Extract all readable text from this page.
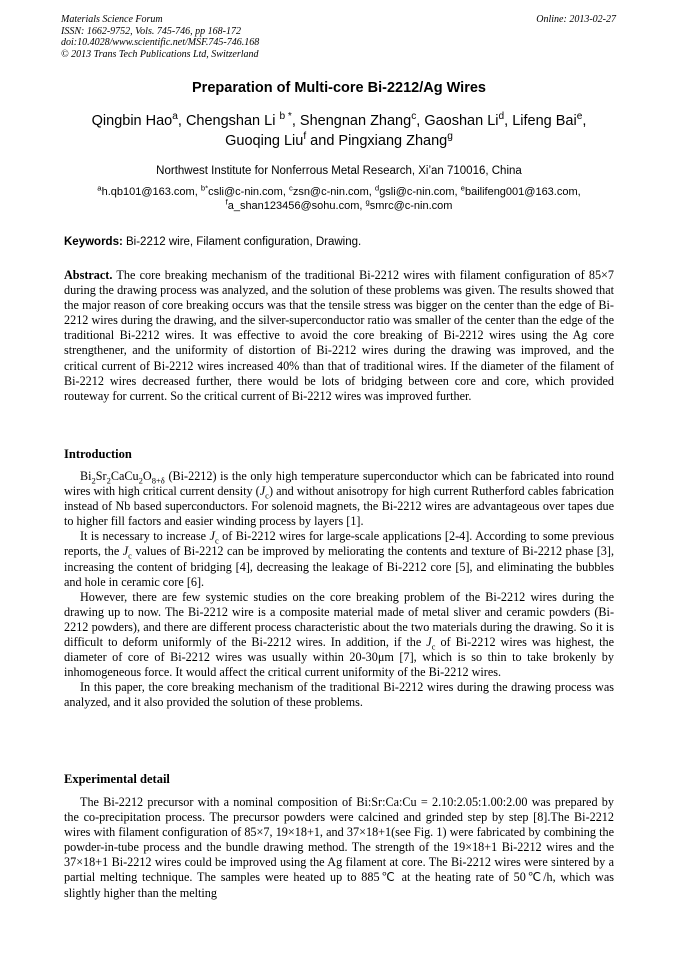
Materials Science Forum
ISSN: 1662-9752, Vols. 745-746, pp 168-172
doi:10.4028/www.scientific.net/MSF.745-746.168
© 2013 Trans Tech Publications Ltd, Switzerland
Online: 2013-02-27
Preparation of Multi-core Bi-2212/Ag Wires
Qingbin Hao$^a$, Chengshan Li $^{b *}$, Shengnan Zhang$^c$, Gaoshan Li$^d$, Lifeng Bai$^e$,
Guoqing Liu$^f$ and Pingxiang Zhang$^g$
Northwest Institute for Nonferrous Metal Research, Xi’an 710016, China
$^a$h.qb101@163.com, $^{b*}$csli@c-nin.com, $^c$zsn@c-nin.com, $^d$gsli@c-nin.com, $^e$bailifeng001@163.com,
$^f$a_shan123456@sohu.com, $^g$smrc@c-nin.com
Keywords: Bi-2212 wire, Filament configuration, Drawing.

Abstract. The core breaking mechanism of the traditional Bi-2212 wires with filament configuration of 85×7 during the drawing process was analyzed, and the solution of these problems was given. The results showed that the major reason of core breaking occurs was that the tensile stress was bigger on the center than the edge of Bi-2212 wires during the drawing, and the silver-superconductor ratio was smaller of the center than the edge of the traditional Bi-2212 wires. It was effective to avoid the core breaking of Bi-2212 wires using the Ag core strengthener, and the uniformity of distortion of Bi-2212 wires during the drawing was improved, and the critical current of Bi-2212 wires increased 40% than that of traditional wires. If the diameter of the filament of Bi-2212 wires decreased further, there would be lots of bridging between core and core, which provided routeway for current. So the critical current of Bi-2212 wires was improved further.

Introduction

$Bi_2Sr_2CaCu_2O_{8+\delta}$ (Bi-2212) is the only high temperature superconductor which can be fabricated into round wires with high critical current density $(J_c)$ and without anisotropy for high current Rutherford cables fabrication instead of Nb based superconductors. For solenoid magnets, the Bi-2212 wires are advantageous over tapes due to higher fill factors and easier winding process by layers [1].

It is necessary to increase $J_c$ of Bi-2212 wires for large-scale applications [2-4]. According to some previous reports, the $J_c$ values of Bi-2212 can be improved by meliorating the contents and texture of Bi-2212 phase [3], increasing the content of bridging [4], decreasing the leakage of Bi-2212 core [5], and eliminating the bubbles and hole in ceramic core [6].

However, there are few systemic studies on the core breaking problem of the Bi-2212 wires during the drawing up to now. The Bi-2212 wire is a composite material made of metal sliver and ceramic powders (Bi-2212 powders), and there are different process characteristic about the two materials during the drawing. So it is difficult to deform uniformly of the Bi-2212 wires. In addition, if the $J_c$ of Bi-2212 wires was highest, the diameter of core of Bi-2212 wires was usually within 20-30μm [7], which is so thin to take brokenly by inhomogeneous force. It would affect the critical current uniformity of the Bi-2212 wires.

In this paper, the core breaking mechanism of the traditional Bi-2212 wires during the drawing process was analyzed, and it also provided the solution of these problems.

Experimental detail

The Bi-2212 precursor with a nominal composition of Bi:Sr:Ca:Cu = 2.10:2.05:1.00:2.00 was prepared by the co-precipitation process. The precursor powders were calcined and grinded step by step [8].The Bi-2212 wires with filament configuration of 85×7, 19×18+1, and 37×18+1(see Fig. 1) were fabricated by combining the powder-in-tube process and the bundle drawing method. The strength of the 19×18+1 Bi-2212 wires and the 37×18+1 Bi-2212 wires could be improved using the Ag filament at core. The Bi-2212 wires were sintered by a partial melting technique. The samples were heated up to 885℃ at the heating rate of 50℃/h, which was slightly higher than the melting
